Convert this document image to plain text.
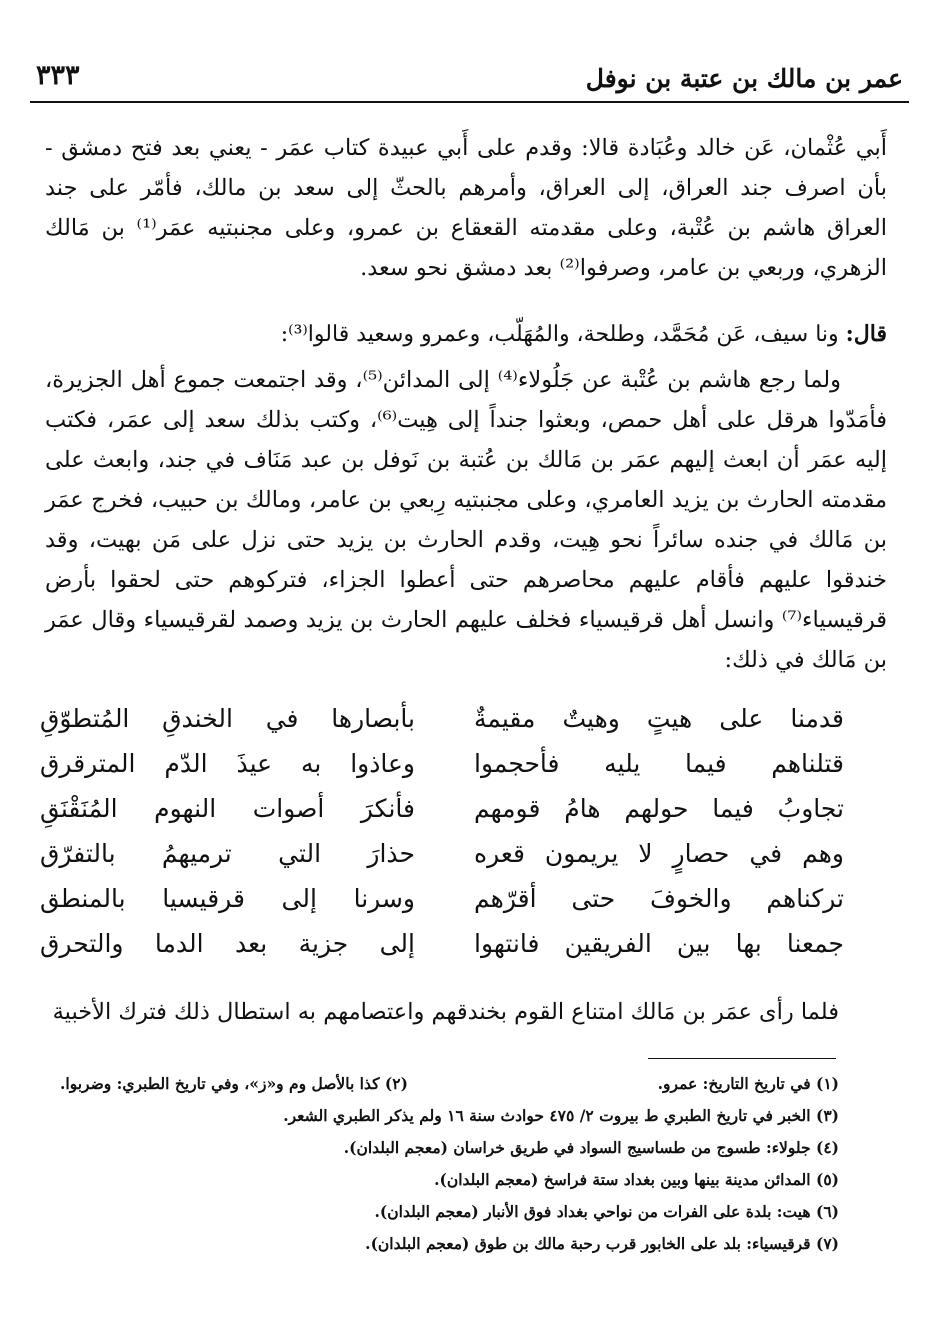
عمر بن مالك بن عتبة بن نوفل
٣٣٣

أَبي عُثْمان، عَن خالد وعُبَادة قالا: وقدم على أَبي عبيدة كتاب عمَر - يعني بعد فتح دمشق - بأن اصرف جند العراق، إلى العراق، وأمرهم بالحثّ إلى سعد بن مالك، فأمّر على جند العراق هاشم بن عُتْبة، وعلى مقدمته القعقاع بن عمرو، وعلى مجنبتيه عمَر⁽¹⁾ بن مَالك الزهري، وربعي بن عامر، وصرفوا⁽²⁾ بعد دمشق نحو سعد.

قال: ونا سيف، عَن مُحَمَّد، وطلحة، والمُهَلّب، وعمرو وسعيد قالوا⁽³⁾:

ولما رجع هاشم بن عُتْبة عن جَلُولاء⁽⁴⁾ إلى المدائن⁽⁵⁾، وقد اجتمعت جموع أهل الجزيرة، فأمَدّوا هرقل على أهل حمص، وبعثوا جنداً إلى هِيت⁽⁶⁾، وكتب بذلك سعد إلى عمَر، فكتب إليه عمَر أن ابعث إليهم عمَر بن مَالك بن عُتبة بن نَوفل بن عبد مَنَاف في جند، وابعث على مقدمته الحارث بن يزيد العامري، وعلى مجنبتيه رِبعي بن عامر، ومالك بن حبيب، فخرج عمَر بن مَالك في جنده سائراً نحو هِيت، وقدم الحارث بن يزيد حتى نزل على مَن بهيت، وقد خندقوا عليهم فأقام عليهم محاصرهم حتى أعطوا الجزاء، فتركوهم حتى لحقوا بأرض قرقيسياء⁽⁷⁾ وانسل أهل قرقيسياء فخلف عليهم الحارث بن يزيد وصمد لقرقيسياء وقال عمَر بن مَالك في ذلك:

قدمنا على هيتٍ وهيتٌ مقيمةٌ
بأبصارها في الخندقِ المُتطوّقِ
قتلناهم فيما يليه فأحجموا
وعاذوا به عيذَ الدّم المترقرق
تجاوبُ فيما حولهم هامُ قومهم
فأنكرَ أصوات النهوم المُنَقْنَقِ
وهم في حصارٍ لا يريمون قعره
حذارَ التي ترميهمُ بالتفرّق
تركناهم والخوفَ حتى أقرّهم
وسرنا إلى قرقيسيا بالمنطق
جمعنا بها بين الفريقين فانتهوا
إلى جزية بعد الدما والتحرق
فلما رأى عمَر بن مَالك امتناع القوم بخندقهم واعتصامهم به استطال ذلك فترك الأخبية
(١) في تاريخ التاريخ: عمرو.
(٢) كذا بالأصل وم و«ز»، وفي تاريخ الطبري: وضربوا.
(٣) الخبر في تاريخ الطبري ط بيروت ٢/ ٤٧٥ حوادث سنة ١٦ ولم يذكر الطبري الشعر.
(٤) جلولاء: طسوج من طساسيج السواد في طريق خراسان (معجم البلدان).
(٥) المدائن مدينة بينها وبين بغداد ستة فراسخ (معجم البلدان).
(٦) هيت: بلدة على الفرات من نواحي بغداد فوق الأنبار (معجم البلدان).
(٧) قرقيسياء: بلد على الخابور قرب رحبة مالك بن طوق (معجم البلدان).
